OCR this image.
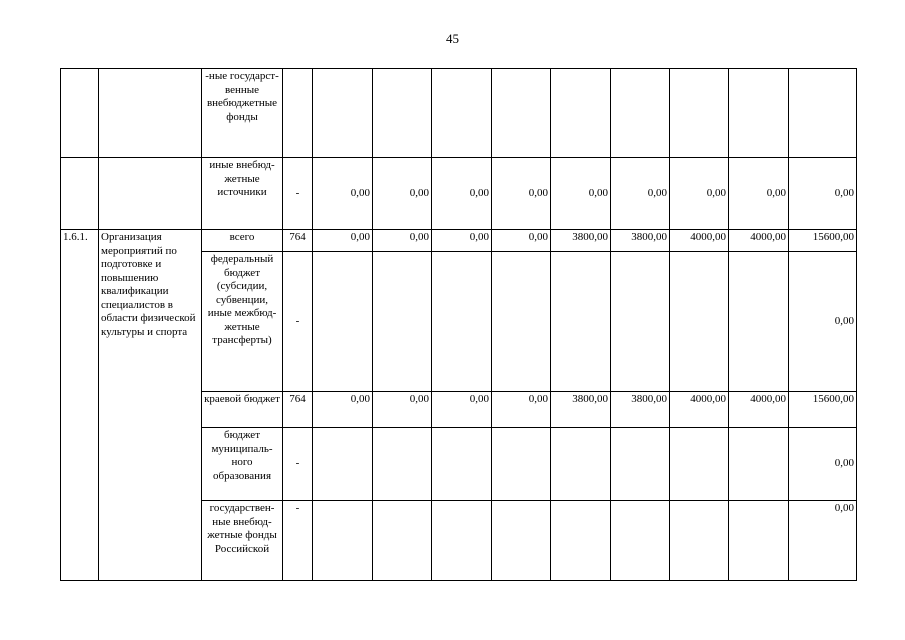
45
		-ные государст-венные внебюджетные фонды										
		иные внебюд-жетные источники	-	0,00	0,00	0,00	0,00	0,00	0,00	0,00	0,00	0,00
1.6.1.	Организация мероприятий по подготовке и повышению квалификации специалистов в области физической культуры и спорта	всего	764	0,00	0,00	0,00	0,00	3800,00	3800,00	4000,00	4000,00	15600,00
		федеральный бюджет (субсидии, субвенции, иные межбюд-жетные трансферты)	-									0,00
		краевой бюджет	764	0,00	0,00	0,00	0,00	3800,00	3800,00	4000,00	4000,00	15600,00
		бюджет муниципаль-ного образования	-									0,00
		государствен-ные внебюд-жетные фонды Российской	-									0,00
